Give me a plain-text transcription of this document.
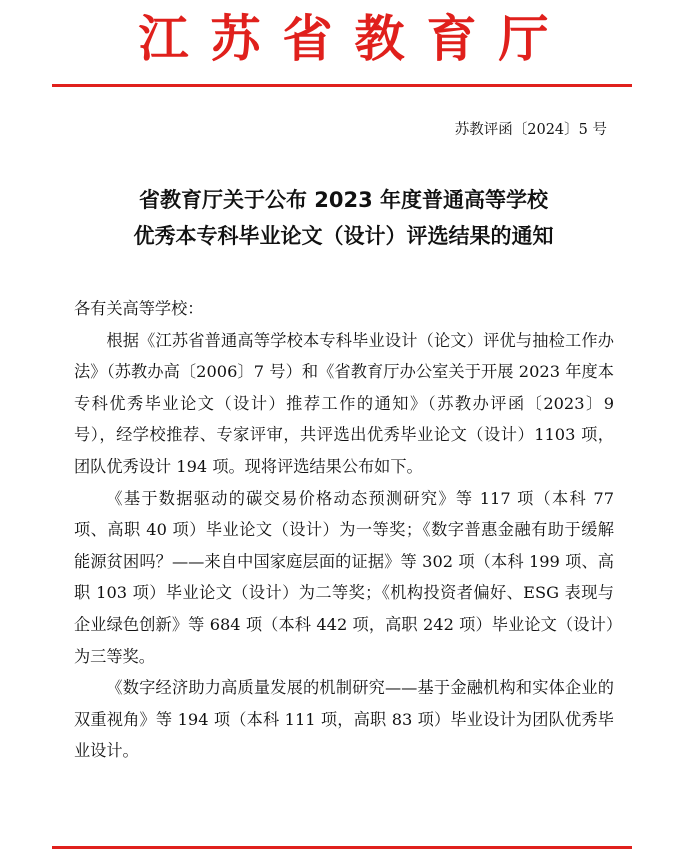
江苏省教育厅
苏教评函〔2024〕5 号
省教育厅关于公布 2023 年度普通高等学校
优秀本专科毕业论文（设计）评选结果的通知

各有关高等学校：

根据《江苏省普通高等学校本专科毕业设计（论文）评优与抽检工作办法》（苏教办高〔2006〕7 号）和《省教育厅办公室关于开展 2023 年度本专科优秀毕业论文（设计）推荐工作的通知》（苏教办评函〔2023〕9 号），经学校推荐、专家评审，共评选出优秀毕业论文（设计）1103 项，团队优秀设计 194 项。现将评选结果公布如下。

《基于数据驱动的碳交易价格动态预测研究》等 117 项（本科 77 项、高职 40 项）毕业论文（设计）为一等奖；《数字普惠金融有助于缓解能源贫困吗？——来自中国家庭层面的证据》等 302 项（本科 199 项、高职 103 项）毕业论文（设计）为二等奖；《机构投资者偏好、ESG 表现与企业绿色创新》等 684 项（本科 442 项，高职 242 项）毕业论文（设计）为三等奖。

《数字经济助力高质量发展的机制研究——基于金融机构和实体企业的双重视角》等 194 项（本科 111 项，高职 83 项）毕业设计为团队优秀毕业设计。
